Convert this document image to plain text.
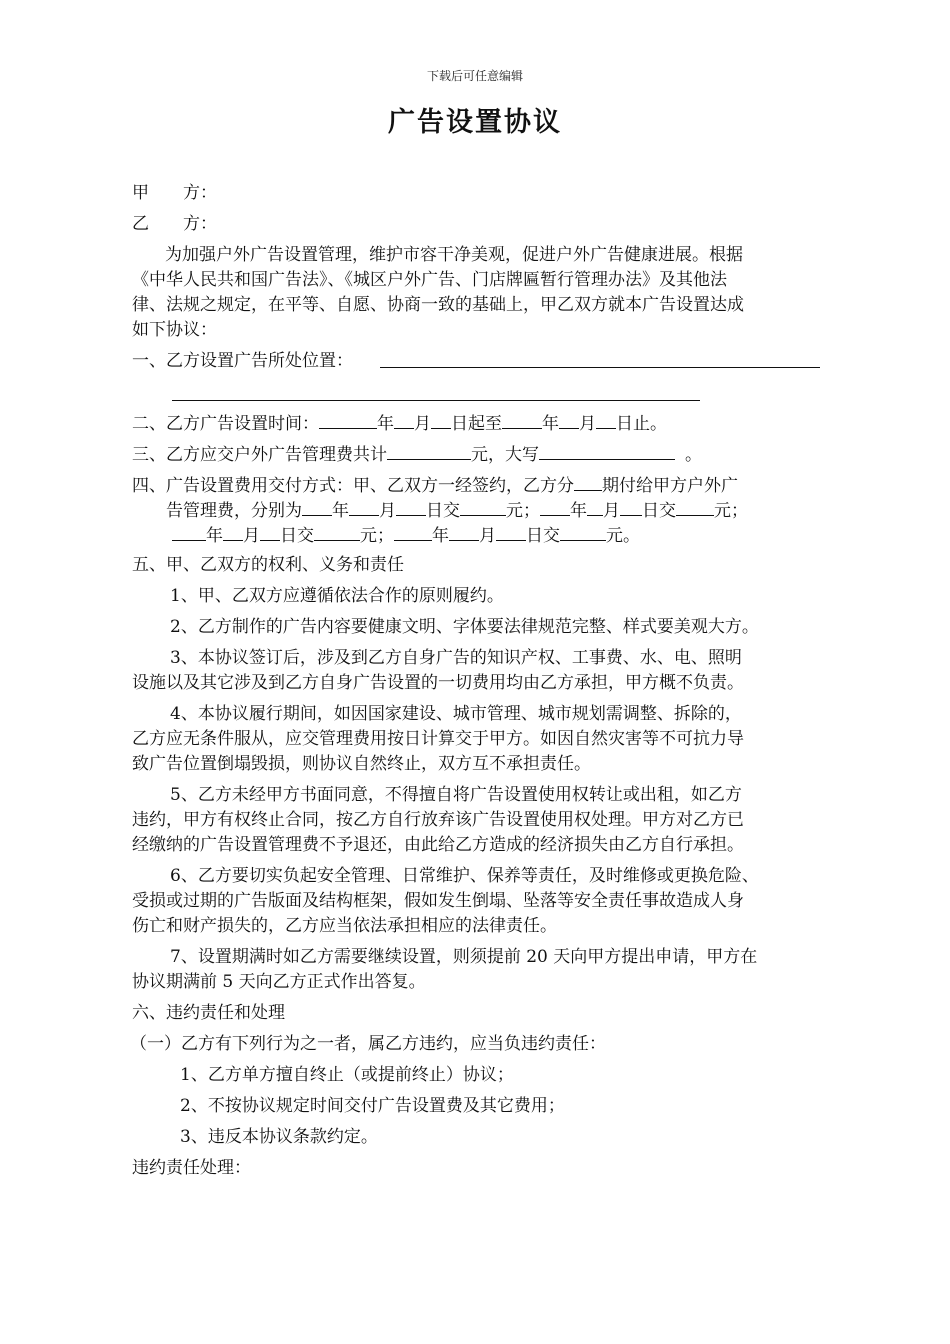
下载后可任意编辑
广告设置协议
甲　　方：
乙　　方：
为加强户外广告设置管理，维护市容干净美观，促进户外广告健康进展。根据
《中华人民共和国广告法》、《城区户外广告、门店牌匾暂行管理办法》及其他法
律、法规之规定，在平等、自愿、协商一致的基础上，甲乙双方就本广告设置达成
如下协议：
一、乙方设置广告所处位置：
二、乙方广告设置时间：	年 月 日起至 年 月 日止。
三、乙方应交户外广告管理费共计	元，大写	。
四、广告设置费用交付方式：甲、乙双方一经签约，乙方分 期付给甲方户外广
告管理费，分别为 年 月 日交	元； 年 月 日交 元；
年 月 日交	元； 年 月 日交	元。
五、甲、乙双方的权利、义务和责任
1、甲、乙双方应遵循依法合作的原则履约。
2、乙方制作的广告内容要健康文明、字体要法律规范完整、样式要美观大方。
3、本协议签订后，涉及到乙方自身广告的知识产权、工事费、水、电、照明
设施以及其它涉及到乙方自身广告设置的一切费用均由乙方承担，甲方概不负责。
4、本协议履行期间，如因国家建设、城市管理、城市规划需调整、拆除的，
乙方应无条件服从，应交管理费用按日计算交于甲方。如因自然灾害等不可抗力导
致广告位置倒塌毁损，则协议自然终止，双方互不承担责任。
5、乙方未经甲方书面同意，不得擅自将广告设置使用权转让或出租，如乙方
违约，甲方有权终止合同，按乙方自行放弃该广告设置使用权处理。甲方对乙方已
经缴纳的广告设置管理费不予退还，由此给乙方造成的经济损失由乙方自行承担。
6、乙方要切实负起安全管理、日常维护、保养等责任，及时维修或更换危险、
受损或过期的广告版面及结构框架，假如发生倒塌、坠落等安全责任事故造成人身
伤亡和财产损失的，乙方应当依法承担相应的法律责任。
7、设置期满时如乙方需要继续设置，则须提前 20 天向甲方提出申请，甲方在
协议期满前 5 天向乙方正式作出答复。
六、违约责任和处理
（一）乙方有下列行为之一者，属乙方违约，应当负违约责任：
1、乙方单方擅自终止（或提前终止）协议；
2、不按协议规定时间交付广告设置费及其它费用；
3、违反本协议条款约定。
违约责任处理：
